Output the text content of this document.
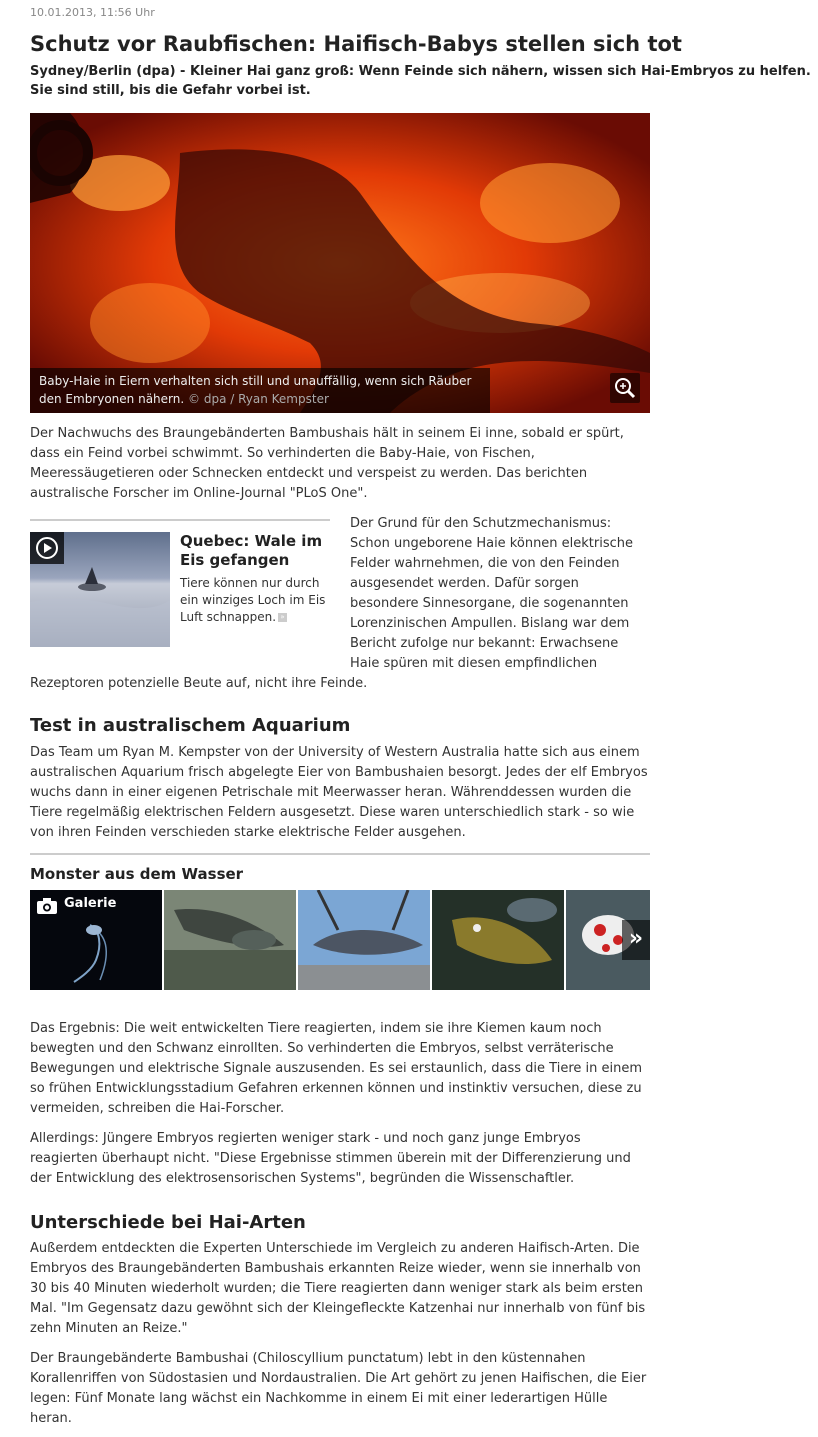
10.01.2013, 11:56 Uhr
Schutz vor Raubfischen: Haifisch-Babys stellen sich tot

Sydney/Berlin (dpa) - Kleiner Hai ganz groß: Wenn Feinde sich nähern, wissen sich Hai-Embryos zu helfen. Sie sind still, bis die Gefahr vorbei ist.

Baby-Haie in Eiern verhalten sich still und unauffällig, wenn sich Räuber den Embryonen nähern. © dpa / Ryan Kempster

Der Nachwuchs des Braungebänderten Bambushais hält in seinem Ei inne, sobald er spürt, dass ein Feind vorbei schwimmt. So verhinderten die Baby-Haie, von Fischen, Meeressäugetieren oder Schnecken entdeckt und verspeist zu werden. Das berichten australische Forscher im Online-Journal "PLoS One".

Quebec: Wale im Eis gefangen
Tiere können nur durch ein winziges Loch im Eis Luft schnappen. »

Der Grund für den Schutzmechanismus: Schon ungeborene Haie können elektrische Felder wahrnehmen, die von den Feinden ausgesendet werden. Dafür sorgen besondere Sinnesorgane, die sogenannten Lorenzinischen Ampullen. Bislang war dem Bericht zufolge nur bekannt: Erwachsene Haie spüren mit diesen empfindlichen

Rezeptoren potenzielle Beute auf, nicht ihre Feinde.

Test in australischem Aquarium

Das Team um Ryan M. Kempster von der University of Western Australia hatte sich aus einem australischen Aquarium frisch abgelegte Eier von Bambushaien besorgt. Jedes der elf Embryos wuchs dann in einer eigenen Petrischale mit Meerwasser heran. Währenddessen wurden die Tiere regelmäßig elektrischen Feldern ausgesetzt. Diese waren unterschiedlich stark - so wie von ihren Feinden verschieden starke elektrische Felder ausgehen.

Monster aus dem Wasser
Galerie
»

Das Ergebnis: Die weit entwickelten Tiere reagierten, indem sie ihre Kiemen kaum noch bewegten und den Schwanz einrollten. So verhinderten die Embryos, selbst verräterische Bewegungen und elektrische Signale auszusenden. Es sei erstaunlich, dass die Tiere in einem so frühen Entwicklungsstadium Gefahren erkennen können und instinktiv versuchen, diese zu vermeiden, schreiben die Hai-Forscher.

Allerdings: Jüngere Embryos regierten weniger stark - und noch ganz junge Embryos reagierten überhaupt nicht. "Diese Ergebnisse stimmen überein mit der Differenzierung und der Entwicklung des elektrosensorischen Systems", begründen die Wissenschaftler.

Unterschiede bei Hai-Arten

Außerdem entdeckten die Experten Unterschiede im Vergleich zu anderen Haifisch-Arten. Die Embryos des Braungebänderten Bambushais erkannten Reize wieder, wenn sie innerhalb von 30 bis 40 Minuten wiederholt wurden; die Tiere reagierten dann weniger stark als beim ersten Mal. "Im Gegensatz dazu gewöhnt sich der Kleingefleckte Katzenhai nur innerhalb von fünf bis zehn Minuten an Reize."

Der Braungebänderte Bambushai (Chiloscyllium punctatum) lebt in den küstennahen Korallenriffen von Südostasien und Nordaustralien. Die Art gehört zu jenen Haifischen, die Eier legen: Fünf Monate lang wächst ein Nachkomme in einem Ei mit einer lederartigen Hülle heran.
